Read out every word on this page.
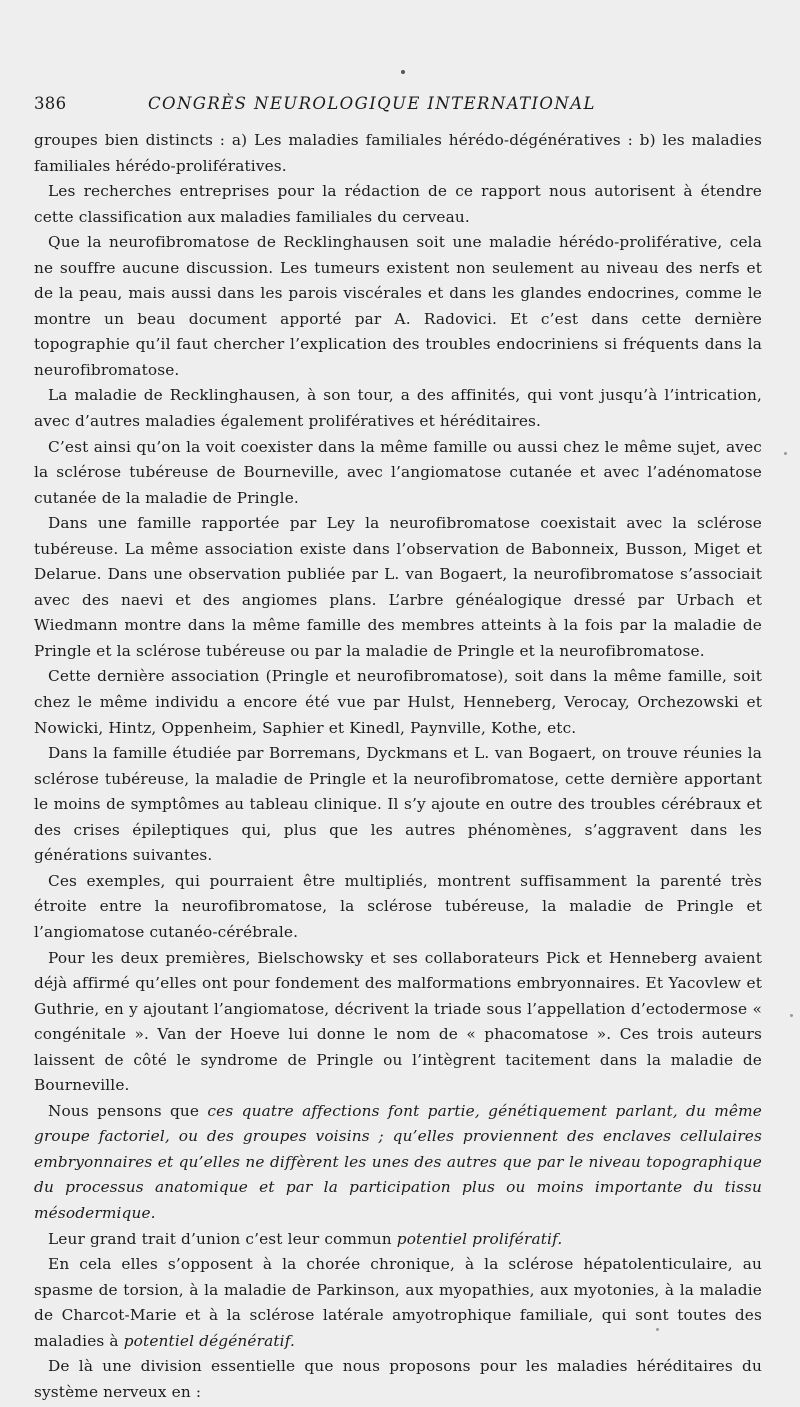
386	CONGRÈS NEUROLOGIQUE INTERNATIONAL

groupes bien distincts : a) Les maladies familiales hérédo-dégénératives : b) les maladies familiales hérédo-prolifératives.

Les recherches entreprises pour la rédaction de ce rapport nous autorisent à étendre cette classification aux maladies familiales du cerveau.

Que la neurofibromatose de Recklinghausen soit une maladie hérédo-proliférative, cela ne souffre aucune discussion. Les tumeurs existent non seulement au niveau des nerfs et de la peau, mais aussi dans les parois viscérales et dans les glandes endocrines, comme le montre un beau document apporté par A. Radovici. Et c’est dans cette dernière topographie qu’il faut chercher l’explication des troubles endocriniens si fréquents dans la neurofibromatose.

La maladie de Recklinghausen, à son tour, a des affinités, qui vont jusqu’à l’intrication, avec d’autres maladies également prolifératives et héréditaires.

C’est ainsi qu’on la voit coexister dans la même famille ou aussi chez le même sujet, avec la sclérose tubéreuse de Bourneville, avec l’angiomatose cutanée et avec l’adénomatose cutanée de la maladie de Pringle.

Dans une famille rapportée par Ley la neurofibromatose coexistait avec la sclérose tubéreuse. La même association existe dans l’observation de Babonneix, Busson, Miget et Delarue. Dans une observation publiée par L. van Bogaert, la neurofibromatose s’associait avec des naevi et des angiomes plans. L’arbre généalogique dressé par Urbach et Wiedmann montre dans la même famille des membres atteints à la fois par la maladie de Pringle et la sclérose tubéreuse ou par la maladie de Pringle et la neurofibromatose.

Cette dernière association (Pringle et neurofibromatose), soit dans la même famille, soit chez le même individu a encore été vue par Hulst, Henneberg, Verocay, Orchezowski et Nowicki, Hintz, Oppenheim, Saphier et Kinedl, Paynville, Kothe, etc.

Dans la famille étudiée par Borremans, Dyckmans et L. van Bogaert, on trouve réunies la sclérose tubéreuse, la maladie de Pringle et la neurofibromatose, cette dernière apportant le moins de symptômes au tableau clinique. Il s’y ajoute en outre des troubles cérébraux et des crises épileptiques qui, plus que les autres phénomènes, s’aggravent dans les générations suivantes.

Ces exemples, qui pourraient être multipliés, montrent suffisamment la parenté très étroite entre la neurofibromatose, la sclérose tubéreuse, la maladie de Pringle et l’angiomatose cutanéo-cérébrale.

Pour les deux premières, Bielschowsky et ses collaborateurs Pick et Henneberg avaient déjà affirmé qu’elles ont pour fondement des malformations embryonnaires. Et Yacovlew et Guthrie, en y ajoutant l’angiomatose, décrivent la triade sous l’appellation d’ectodermose « congénitale ». Van der Hoeve lui donne le nom de « phacomatose ». Ces trois auteurs laissent de côté le syndrome de Pringle ou l’intègrent tacitement dans la maladie de Bourneville.

Nous pensons que ces quatre affections font partie, génétiquement parlant, du même groupe factoriel, ou des groupes voisins ; qu’elles proviennent des enclaves cellulaires embryonnaires et qu’elles ne diffèrent les unes des autres que par le niveau topographique du processus anatomique et par la participation plus ou moins importante du tissu mésodermique.

Leur grand trait d’union c’est leur commun potentiel prolifératif.

En cela elles s’opposent à la chorée chronique, à la sclérose hépatolenticulaire, au spasme de torsion, à la maladie de Parkinson, aux myopathies, aux myotonies, à la maladie de Charcot-Marie et à la sclérose latérale amyotrophique familiale, qui sont toutes des maladies à potentiel dégénératif.

De là une division essentielle que nous proposons pour les maladies héréditaires du système nerveux en :
